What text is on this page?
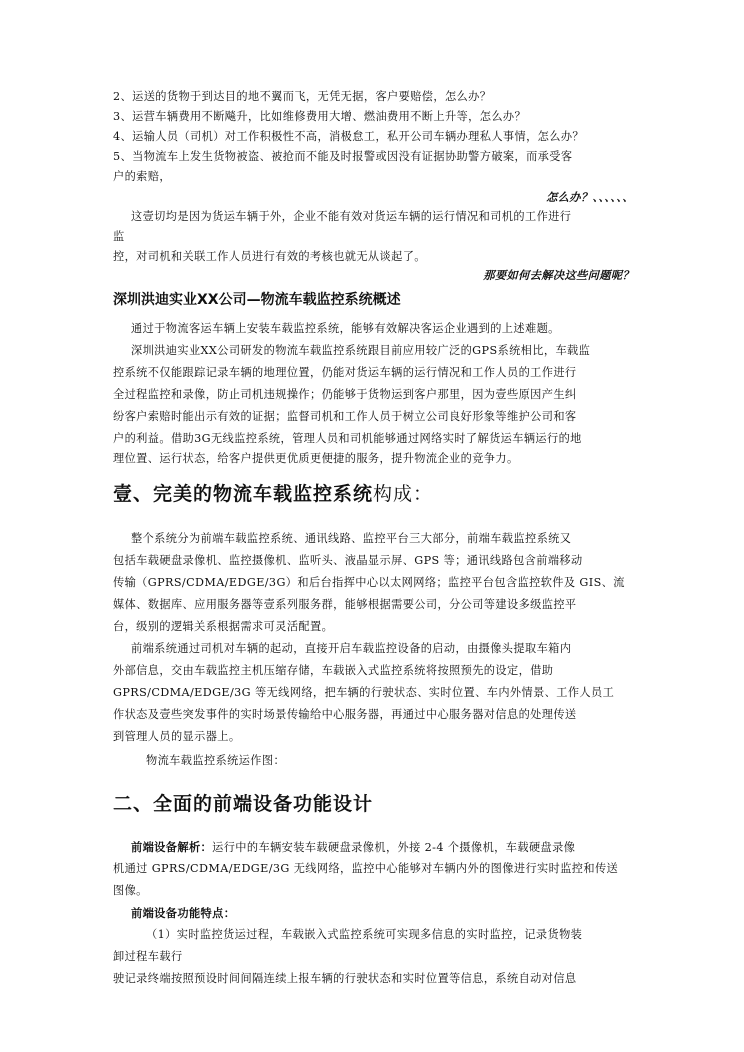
2、运送的货物于到达目的地不翼而飞，无凭无据，客户要赔偿，怎么办？
3、运营车辆费用不断飚升，比如维修费用大增、燃油费用不断上升等，怎么办？
4、运输人员（司机）对工作积极性不高，消极怠工，私开公司车辆办理私人事情，怎么办？
5、当物流车上发生货物被盗、被抢而不能及时报警或因没有证据协助警方破案，而承受客
户的索赔，
怎么办？、、、、、、
这壹切均是因为货运车辆于外，企业不能有效对货运车辆的运行情况和司机的工作进行
监
控，对司机和关联工作人员进行有效的考核也就无从谈起了。
那要如何去解决这些问题呢？
深圳洪迪实业XX公司—物流车载监控系统概述
通过于物流客运车辆上安装车载监控系统，能够有效解决客运企业遇到的上述难题。
深圳洪迪实业XX公司研发的物流车载监控系统跟目前应用较广泛的GPS系统相比，车载监
控系统不仅能跟踪记录车辆的地理位置，仍能对货运车辆的运行情况和工作人员的工作进行
全过程监控和录像，防止司机违规操作；仍能够于货物运到客户那里，因为壹些原因产生纠
纷客户索赔时能出示有效的证据；监督司机和工作人员于树立公司良好形象等维护公司和客
户的利益。借助3G无线监控系统，管理人员和司机能够通过网络实时了解货运车辆运行的地
理位置、运行状态，给客户提供更优质更便捷的服务，提升物流企业的竞争力。
壹、完美的物流车载监控系统构成：
整个系统分为前端车载监控系统、通讯线路、监控平台三大部分，前端车载监控系统又
包括车载硬盘录像机、监控摄像机、监听头、液晶显示屏、GPS 等；通讯线路包含前端移动
传输（GPRS/CDMA/EDGE/3G）和后台指挥中心以太网网络；监控平台包含监控软件及 GIS、流
媒体、数据库、应用服务器等壹系列服务群，能够根据需要公司，分公司等建设多级监控平
台，级别的逻辑关系根据需求可灵活配置。
前端系统通过司机对车辆的起动，直接开启车载监控设备的启动，由摄像头提取车箱内
外部信息，交由车载监控主机压缩存储，车载嵌入式监控系统将按照预先的设定，借助
GPRS/CDMA/EDGE/3G 等无线网络，把车辆的行驶状态、实时位置、车内外情景、工作人员工
作状态及壹些突发事件的实时场景传输给中心服务器，再通过中心服务器对信息的处理传送
到管理人员的显示器上。
物流车载监控系统运作图：
二、全面的前端设备功能设计
前端设备解析：运行中的车辆安装车载硬盘录像机，外接 2-4 个摄像机，车载硬盘录像
机通过 GPRS/CDMA/EDGE/3G 无线网络，监控中心能够对车辆内外的图像进行实时监控和传送
图像。
前端设备功能特点：
（1）实时监控货运过程，车载嵌入式监控系统可实现多信息的实时监控，记录货物装
卸过程车载行
驶记录终端按照预设时间间隔连续上报车辆的行驶状态和实时位置等信息，系统自动对信息
